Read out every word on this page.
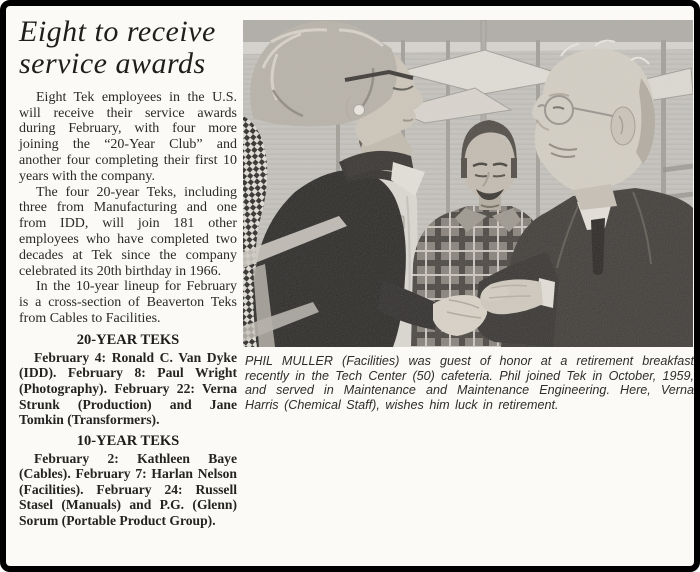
Eight to receive service awards

Eight Tek employees in the U.S. will receive their service awards during February, with four more joining the “20-Year Club” and another four completing their first 10 years with the company.

The four 20-year Teks, including three from Manufacturing and one from IDD, will join 181 other employees who have completed two decades at Tek since the company celebrated its 20th birthday in 1966.

In the 10-year lineup for February is a cross-section of Beaverton Teks from Cables to Facilities.

20-YEAR TEKS

February 4: Ronald C. Van Dyke (IDD). February 8: Paul Wright (Photography). February 22: Verna Strunk (Production) and Jane Tomkin (Transformers).

10-YEAR TEKS

February 2: Kathleen Baye (Cables). February 7: Harlan Nelson (Facilities). February 24: Russell Stasel (Manuals) and P.G. (Glenn) Sorum (Portable Product Group).

PHIL MULLER (Facilities) was guest of honor at a retirement breakfast recently in the Tech Center (50) cafeteria. Phil joined Tek in October, 1959, and served in Maintenance and Maintenance Engineering. Here, Verna Harris (Chemical Staff), wishes him luck in retirement.
